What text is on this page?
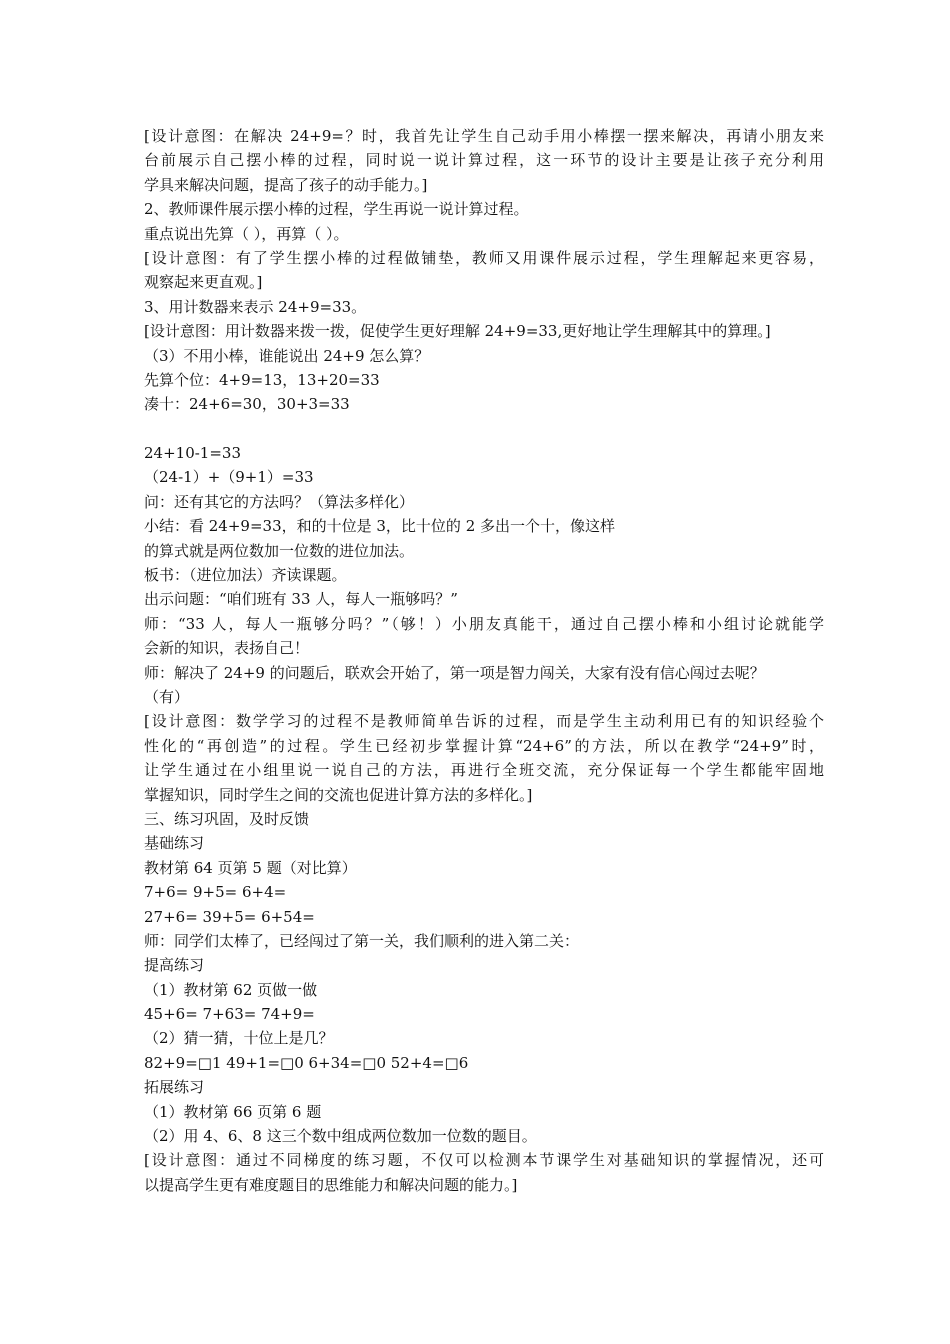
[设计意图：在解决 24+9=？时，我首先让学生自己动手用小棒摆一摆来解决，再请小朋友来
台前展示自己摆小棒的过程，同时说一说计算过程，这一环节的设计主要是让孩子充分利用
学具来解决问题，提高了孩子的动手能力。]
2、教师课件展示摆小棒的过程，学生再说一说计算过程。
重点说出先算（ ），再算（ ）。
[设计意图：有了学生摆小棒的过程做铺垫，教师又用课件展示过程，学生理解起来更容易，
观察起来更直观。]
3、用计数器来表示 24+9=33。
[设计意图：用计数器来拨一拨，促使学生更好理解 24+9=33,更好地让学生理解其中的算理。]
（3）不用小棒，谁能说出 24+9 怎么算？
先算个位：4+9=13，13+20=33
凑十：24+6=30，30+3=33
24+10-1=33
（24-1）+（9+1）=33
问：还有其它的方法吗？（算法多样化）
小结：看 24+9=33，和的十位是 3，比十位的 2 多出一个十，像这样
的算式就是两位数加一位数的进位加法。
板书：（进位加法）齐读课题。
出示问题：“咱们班有 33 人，每人一瓶够吗？”
师：“33 人，每人一瓶够分吗？”（够！）小朋友真能干，通过自己摆小棒和小组讨论就能学
会新的知识，表扬自己！
师：解决了 24+9 的问题后，联欢会开始了，第一项是智力闯关，大家有没有信心闯过去呢？
（有）
[设计意图：数学学习的过程不是教师简单告诉的过程，而是学生主动利用已有的知识经验个
性化的“再创造”的过程。学生已经初步掌握计算“24+6”的方法，所以在教学“24+9”时，
让学生通过在小组里说一说自己的方法，再进行全班交流，充分保证每一个学生都能牢固地
掌握知识，同时学生之间的交流也促进计算方法的多样化。]
三、练习巩固，及时反馈
基础练习
教材第 64 页第 5 题（对比算）
7+6= 9+5= 6+4=
27+6= 39+5= 6+54=
师：同学们太棒了，已经闯过了第一关，我们顺利的进入第二关：
提高练习
（1）教材第 62 页做一做
45+6= 7+63= 74+9=
（2）猜一猜，十位上是几？
82+9=□1 49+1=□0 6+34=□0 52+4=□6
拓展练习
（1）教材第 66 页第 6 题
（2）用 4、6、8 这三个数中组成两位数加一位数的题目。
[设计意图：通过不同梯度的练习题，不仅可以检测本节课学生对基础知识的掌握情况，还可
以提高学生更有难度题目的思维能力和解决问题的能力。]
